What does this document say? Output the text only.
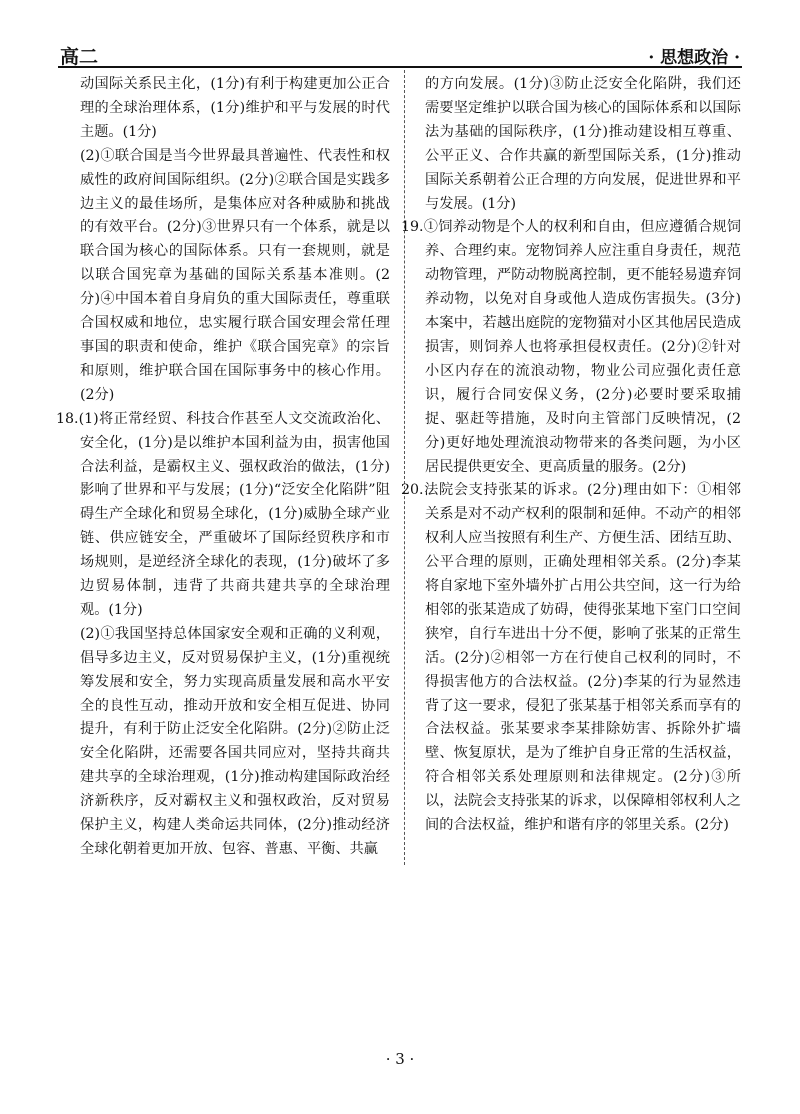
高二	· 思想政治 ·

动国际关系民主化，(1分)有利于构建更加公正合理的全球治理体系，(1分)维护和平与发展的时代主题。(1分)

(2)①联合国是当今世界最具普遍性、代表性和权威性的政府间国际组织。(2分)②联合国是实践多边主义的最佳场所，是集体应对各种威胁和挑战的有效平台。(2分)③世界只有一个体系，就是以联合国为核心的国际体系。只有一套规则，就是以联合国宪章为基础的国际关系基本准则。(2分)④中国本着自身肩负的重大国际责任，尊重联合国权威和地位，忠实履行联合国安理会常任理事国的职责和使命，维护《联合国宪章》的宗旨和原则，维护联合国在国际事务中的核心作用。(2分)

18.(1)将正常经贸、科技合作甚至人文交流政治化、安全化，(1分)是以维护本国利益为由，损害他国合法利益，是霸权主义、强权政治的做法，(1分)影响了世界和平与发展；(1分)“泛安全化陷阱”阻碍生产全球化和贸易全球化，(1分)威胁全球产业链、供应链安全，严重破坏了国际经贸秩序和市场规则，是逆经济全球化的表现，(1分)破坏了多边贸易体制，违背了共商共建共享的全球治理观。(1分)

(2)①我国坚持总体国家安全观和正确的义利观，倡导多边主义，反对贸易保护主义，(1分)重视统筹发展和安全，努力实现高质量发展和高水平安全的良性互动，推动开放和安全相互促进、协同提升，有利于防止泛安全化陷阱。(2分)②防止泛安全化陷阱，还需要各国共同应对，坚持共商共建共享的全球治理观，(1分)推动构建国际政治经济新秩序，反对霸权主义和强权政治，反对贸易保护主义，构建人类命运共同体，(2分)推动经济全球化朝着更加开放、包容、普惠、平衡、共赢

的方向发展。(1分)③防止泛安全化陷阱，我们还需要坚定维护以联合国为核心的国际体系和以国际法为基础的国际秩序，(1分)推动建设相互尊重、公平正义、合作共赢的新型国际关系，(1分)推动国际关系朝着公正合理的方向发展，促进世界和平与发展。(1分)

19.①饲养动物是个人的权利和自由，但应遵循合规饲养、合理约束。宠物饲养人应注重自身责任，规范动物管理，严防动物脱离控制，更不能轻易遗弃饲养动物，以免对自身或他人造成伤害损失。(3分)本案中，若越出庭院的宠物猫对小区其他居民造成损害，则饲养人也将承担侵权责任。(2分)②针对小区内存在的流浪动物，物业公司应强化责任意识，履行合同安保义务，(2分)必要时要采取捕捉、驱赶等措施，及时向主管部门反映情况，(2分)更好地处理流浪动物带来的各类问题，为小区居民提供更安全、更高质量的服务。(2分)

20.法院会支持张某的诉求。(2分)理由如下：①相邻关系是对不动产权利的限制和延伸。不动产的相邻权利人应当按照有利生产、方便生活、团结互助、公平合理的原则，正确处理相邻关系。(2分)李某将自家地下室外墙外扩占用公共空间，这一行为给相邻的张某造成了妨碍，使得张某地下室门口空间狭窄，自行车进出十分不便，影响了张某的正常生活。(2分)②相邻一方在行使自己权利的同时，不得损害他方的合法权益。(2分)李某的行为显然违背了这一要求，侵犯了张某基于相邻关系而享有的合法权益。张某要求李某排除妨害、拆除外扩墙壁、恢复原状，是为了维护自身正常的生活权益，符合相邻关系处理原则和法律规定。(2分)③所以，法院会支持张某的诉求，以保障相邻权利人之间的合法权益，维护和谐有序的邻里关系。(2分)

· 3 ·
